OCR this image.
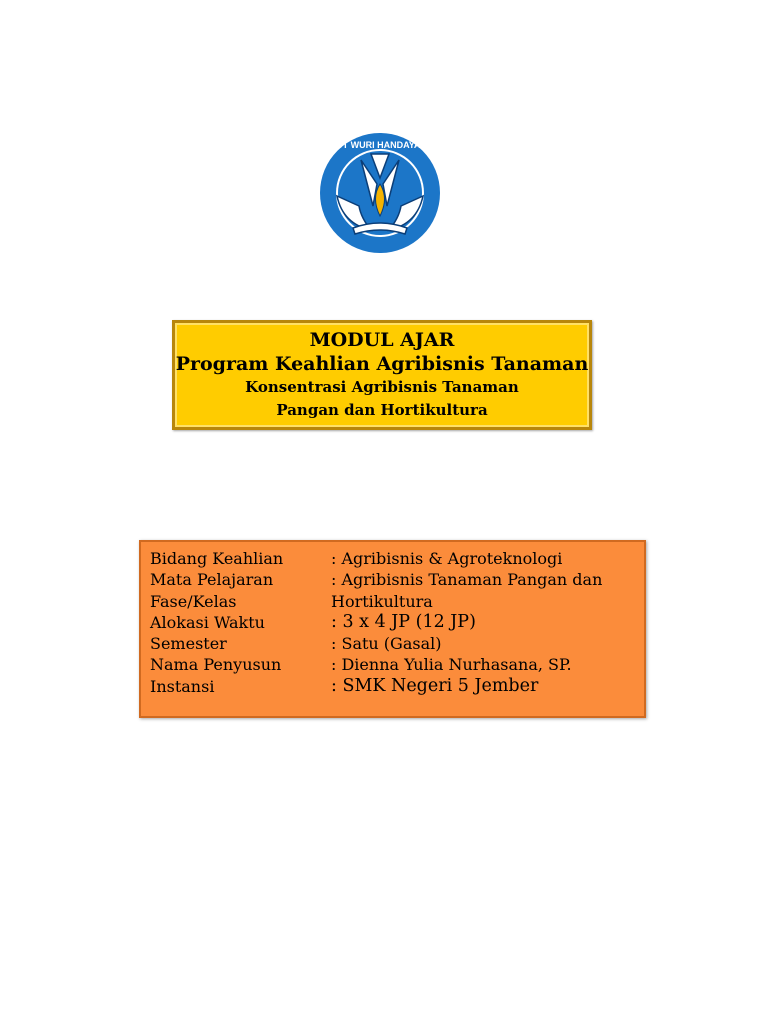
TUT WURI HANDAYANI
MODUL AJAR
Program Keahlian Agribisnis Tanaman
Konsentrasi Agribisnis Tanaman
Pangan dan Hortikultura
Bidang Keahlian
Mata Pelajaran
Fase/Kelas
Alokasi Waktu
Semester
Nama Penyusun
Instansi
: Agribisnis & Agroteknologi
: Agribisnis Tanaman Pangan dan
Hortikultura
: 3 x 4 JP (12 JP)
: Satu (Gasal)
: Dienna Yulia Nurhasana, SP.
: SMK Negeri 5 Jember
